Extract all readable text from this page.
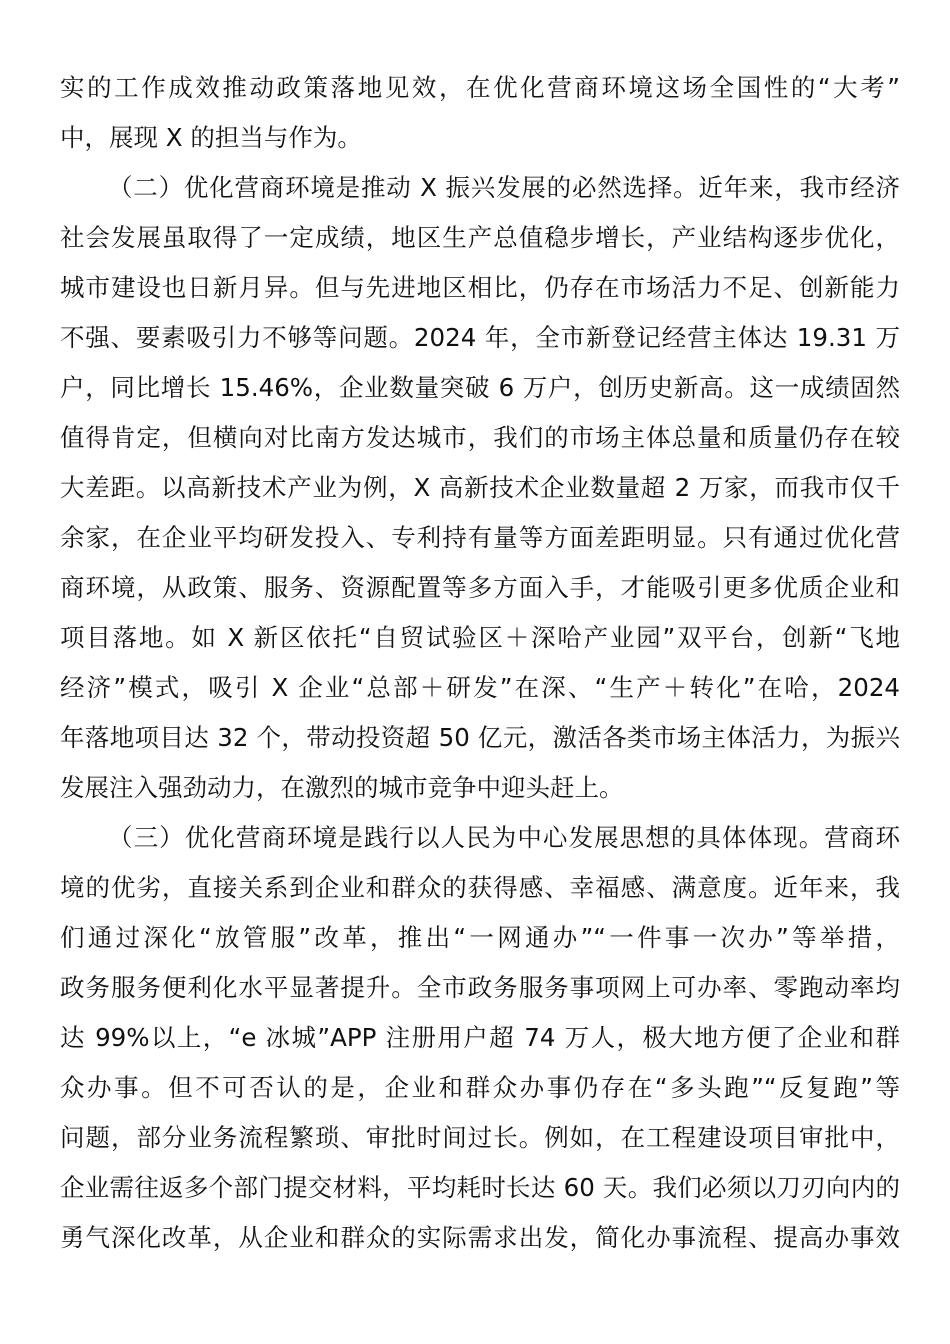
实的工作成效推动政策落地见效，在优化营商环境这场全国性的“大考”
中，展现 X 的担当与作为。
（二）优化营商环境是推动 X 振兴发展的必然选择。近年来，我市经济
社会发展虽取得了一定成绩，地区生产总值稳步增长，产业结构逐步优化，
城市建设也日新月异。但与先进地区相比，仍存在市场活力不足、创新能力
不强、要素吸引力不够等问题。2024 年，全市新登记经营主体达 19.31 万
户，同比增长 15.46%，企业数量突破 6 万户，创历史新高。这一成绩固然
值得肯定，但横向对比南方发达城市，我们的市场主体总量和质量仍存在较
大差距。以高新技术产业为例，X 高新技术企业数量超 2 万家，而我市仅千
余家，在企业平均研发投入、专利持有量等方面差距明显。只有通过优化营
商环境，从政策、服务、资源配置等多方面入手，才能吸引更多优质企业和
项目落地。如 X 新区依托“自贸试验区＋深哈产业园”双平台，创新“飞地
经济”模式，吸引 X 企业“总部＋研发”在深、“生产＋转化”在哈，2024
年落地项目达 32 个，带动投资超 50 亿元，激活各类市场主体活力，为振兴
发展注入强劲动力，在激烈的城市竞争中迎头赶上。
（三）优化营商环境是践行以人民为中心发展思想的具体体现。营商环
境的优劣，直接关系到企业和群众的获得感、幸福感、满意度。近年来，我
们通过深化“放管服”改革，推出“一网通办”“一件事一次办”等举措，
政务服务便利化水平显著提升。全市政务服务事项网上可办率、零跑动率均
达 99%以上，“e 冰城”APP 注册用户超 74 万人，极大地方便了企业和群
众办事。但不可否认的是，企业和群众办事仍存在“多头跑”“反复跑”等
问题，部分业务流程繁琐、审批时间过长。例如，在工程建设项目审批中，
企业需往返多个部门提交材料，平均耗时长达 60 天。我们必须以刀刃向内的
勇气深化改革，从企业和群众的实际需求出发，简化办事流程、提高办事效
